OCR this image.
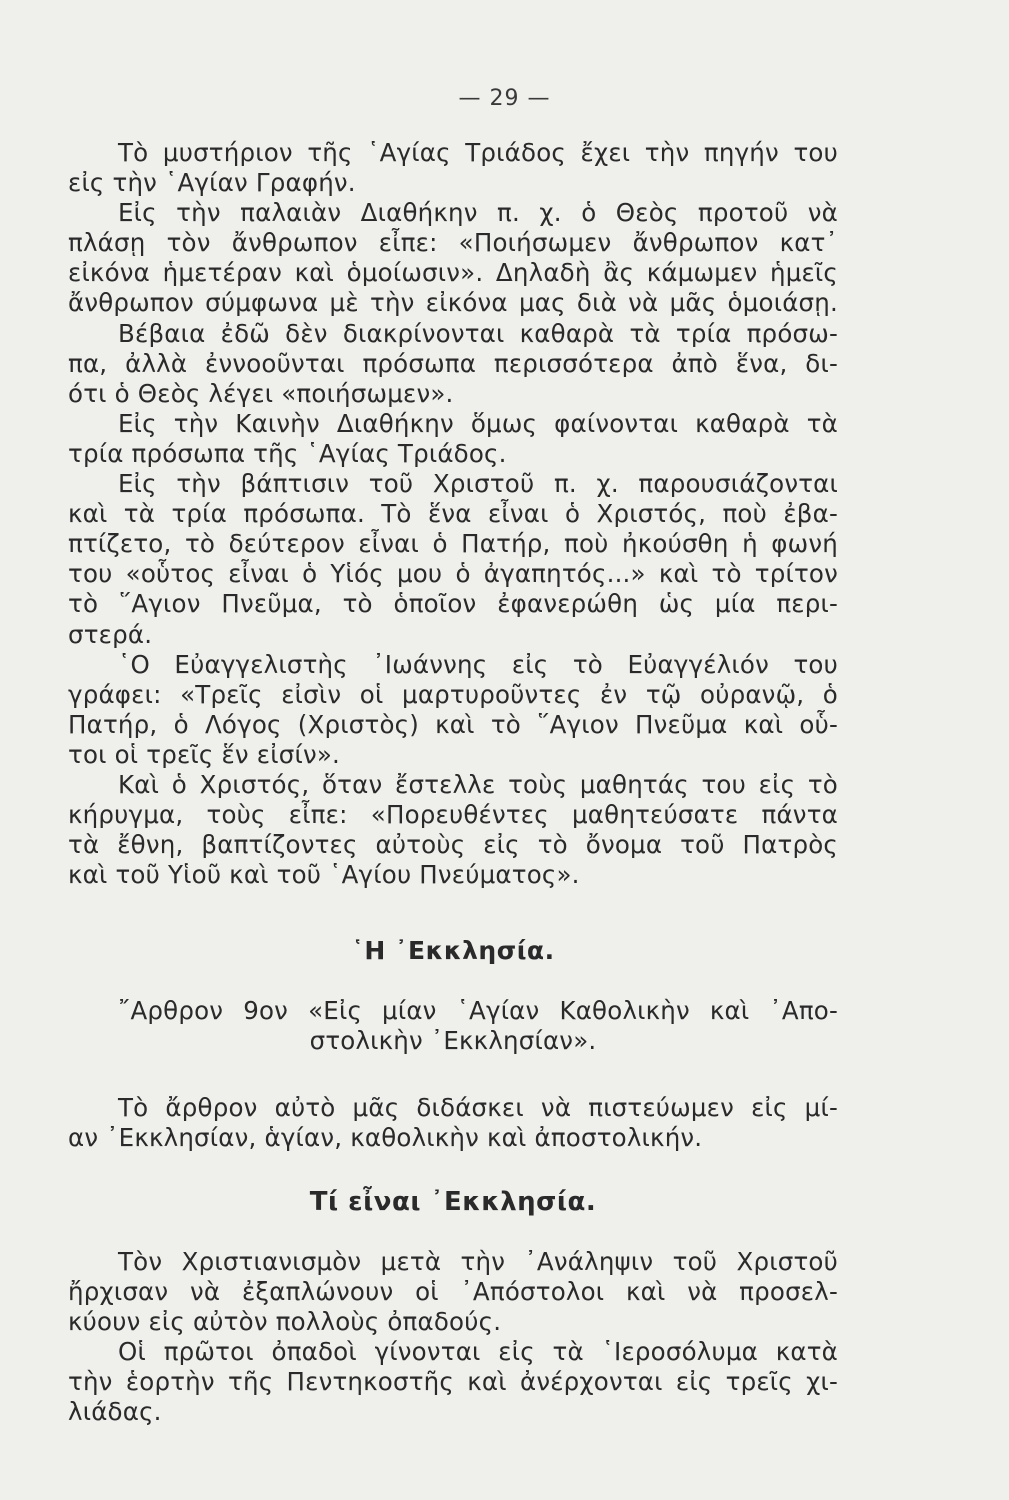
— 29 —
Τὸ μυστήριον τῆς ῾Αγίας Τριάδος ἔχει τὴν πηγήν του
εἰς τὴν ῾Αγίαν Γραφήν.
Εἰς τὴν παλαιὰν Διαθήκην π. χ. ὁ Θεὸς προτοῦ νὰ
πλάσῃ τὸν ἄνθρωπον εἶπε: «Ποιήσωμεν ἄνθρωπον κατ᾿
εἰκόνα ἡμετέραν καὶ ὁμοίωσιν». Δηλαδὴ ἂς κάμωμεν ἡμεῖς
ἄνθρωπον σύμφωνα μὲ τὴν εἰκόνα μας διὰ νὰ μᾶς ὁμοιάσῃ.
Βέβαια ἐδῶ δὲν διακρίνονται καθαρὰ τὰ τρία πρόσω-
πα, ἀλλὰ ἐννοοῦνται πρόσωπα περισσότερα ἀπὸ ἕνα, δι-
ότι ὁ Θεὸς λέγει «ποιήσωμεν».
Εἰς τὴν Καινὴν Διαθήκην ὅμως φαίνονται καθαρὰ τὰ
τρία πρόσωπα τῆς ῾Αγίας Τριάδος.
Εἰς τὴν βάπτισιν τοῦ Χριστοῦ π. χ. παρουσιάζονται
καὶ τὰ τρία πρόσωπα. Τὸ ἕνα εἶναι ὁ Χριστός, ποὺ ἐβα-
πτίζετο, τὸ δεύτερον εἶναι ὁ Πατήρ, ποὺ ἠκούσθη ἡ φωνή
του «οὗτος εἶναι ὁ Υἱός μου ὁ ἀγαπητός...» καὶ τὸ τρίτον
τὸ ῞Αγιον Πνεῦμα, τὸ ὁποῖον ἐφανερώθη ὡς μία περι-
στερά.
῾Ο Εὐαγγελιστὴς ᾿Ιωάννης εἰς τὸ Εὐαγγέλιόν του
γράφει: «Τρεῖς εἰσὶν οἱ μαρτυροῦντες ἐν τῷ οὐρανῷ, ὁ
Πατήρ, ὁ Λόγος (Χριστὸς) καὶ τὸ ῞Αγιον Πνεῦμα καὶ οὗ-
τοι οἱ τρεῖς ἕν εἰσίν».
Καὶ ὁ Χριστός, ὅταν ἔστελλε τοὺς μαθητάς του εἰς τὸ
κήρυγμα, τοὺς εἶπε: «Πορευθέντες μαθητεύσατε πάντα
τὰ ἔθνη, βαπτίζοντες αὐτοὺς εἰς τὸ ὄνομα τοῦ Πατρὸς
καὶ τοῦ Υἱοῦ καὶ τοῦ ῾Αγίου Πνεύματος».
῾Η ᾿Εκκλησία.
῎Αρθρον 9ον «Εἰς μίαν ῾Αγίαν Καθολικὴν καὶ ᾿Απο-
στολικὴν ᾿Εκκλησίαν».
Τὸ ἄρθρον αὐτὸ μᾶς διδάσκει νὰ πιστεύωμεν εἰς μί-
αν ᾿Εκκλησίαν, ἁγίαν, καθολικὴν καὶ ἀποστολικήν.
Τί εἶναι ᾿Εκκλησία.
Τὸν Χριστιανισμὸν μετὰ τὴν ᾿Ανάληψιν τοῦ Χριστοῦ
ἤρχισαν νὰ ἐξαπλώνουν οἱ ᾿Απόστολοι καὶ νὰ προσελ-
κύουν εἰς αὐτὸν πολλοὺς ὀπαδούς.
Οἱ πρῶτοι ὀπαδοὶ γίνονται εἰς τὰ ῾Ιεροσόλυμα κατὰ
τὴν ἑορτὴν τῆς Πεντηκοστῆς καὶ ἀνέρχονται εἰς τρεῖς χι-
λιάδας.
